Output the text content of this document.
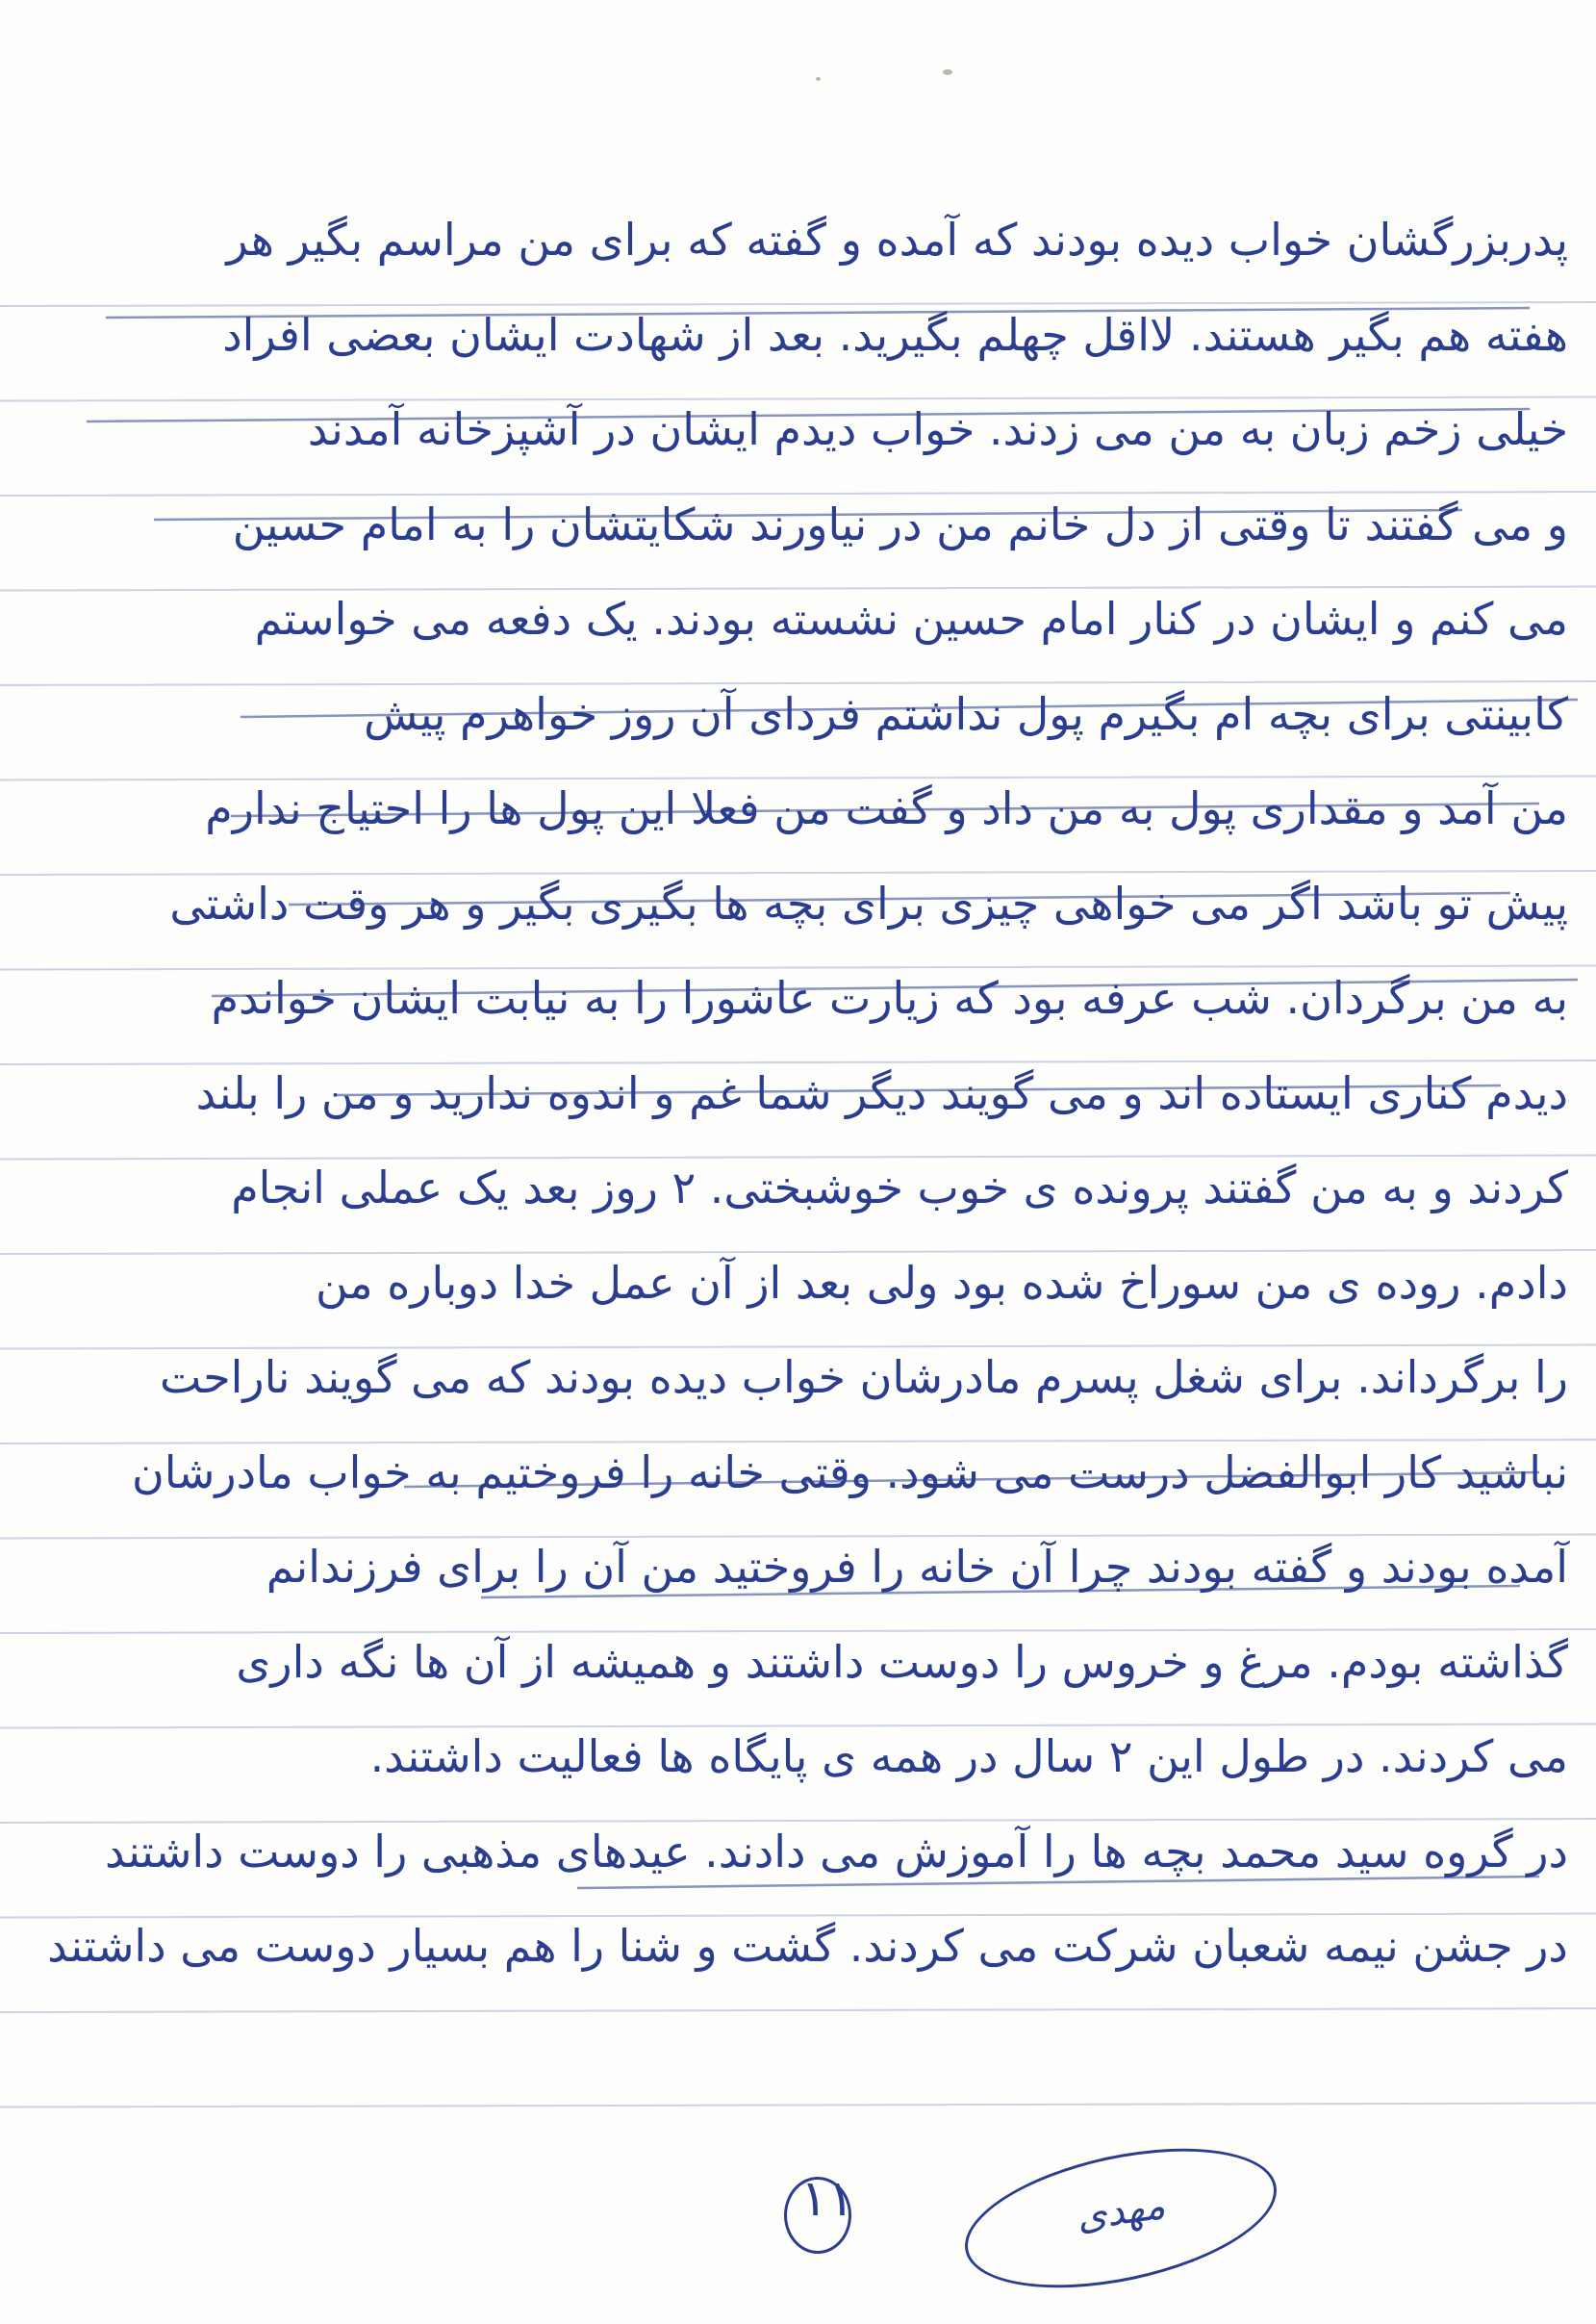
پدربزرگشان خواب دیده بودند که آمده و گفته که برای من مراسم بگیر هر
هفته هم بگیر هستند. لااقل چهلم بگیرید. بعد از شهادت ایشان بعضی افراد
خیلی زخم زبان به من می زدند. خواب دیدم ایشان در آشپزخانه آمدند
و می گفتند تا وقتی از دل خانم من در نیاورند شکایتشان را به امام حسین
می کنم و ایشان در کنار امام حسین نشسته بودند. یک دفعه می خواستم
کابینتی برای بچه ام بگیرم پول نداشتم فردای آن روز خواهرم پیش
من آمد و مقداری پول به من داد و گفت من فعلا این پول ها را احتیاج ندارم
پیش تو باشد اگر می خواهی چیزی برای بچه ها بگیری بگیر و هر وقت داشتی
به من برگردان. شب عرفه بود که زیارت عاشورا را به نیابت ایشان خواندم
دیدم کناری ایستاده اند و می گویند دیگر شما غم و اندوه ندارید و من را بلند
کردند و به من گفتند پرونده ی خوب خوشبختی. ۲ روز بعد یک عملی انجام
دادم. روده ی من سوراخ شده بود ولی بعد از آن عمل خدا دوباره من
را برگرداند. برای شغل پسرم مادرشان خواب دیده بودند که می گویند ناراحت
نباشید کار ابوالفضل درست می شود. وقتی خانه را فروختیم به خواب مادرشان
آمده بودند و گفته بودند چرا آن خانه را فروختید من آن را برای فرزندانم
گذاشته بودم. مرغ و خروس را دوست داشتند و همیشه از آن ها نگه داری
می کردند. در طول این ۲ سال در همه ی پایگاه ها فعالیت داشتند.
در گروه سید محمد بچه ها را آموزش می دادند. عیدهای مذهبی را دوست داشتند
در جشن نیمه شعبان شرکت می کردند. گشت و شنا را هم بسیار دوست می داشتند
۱۱	مهدی
